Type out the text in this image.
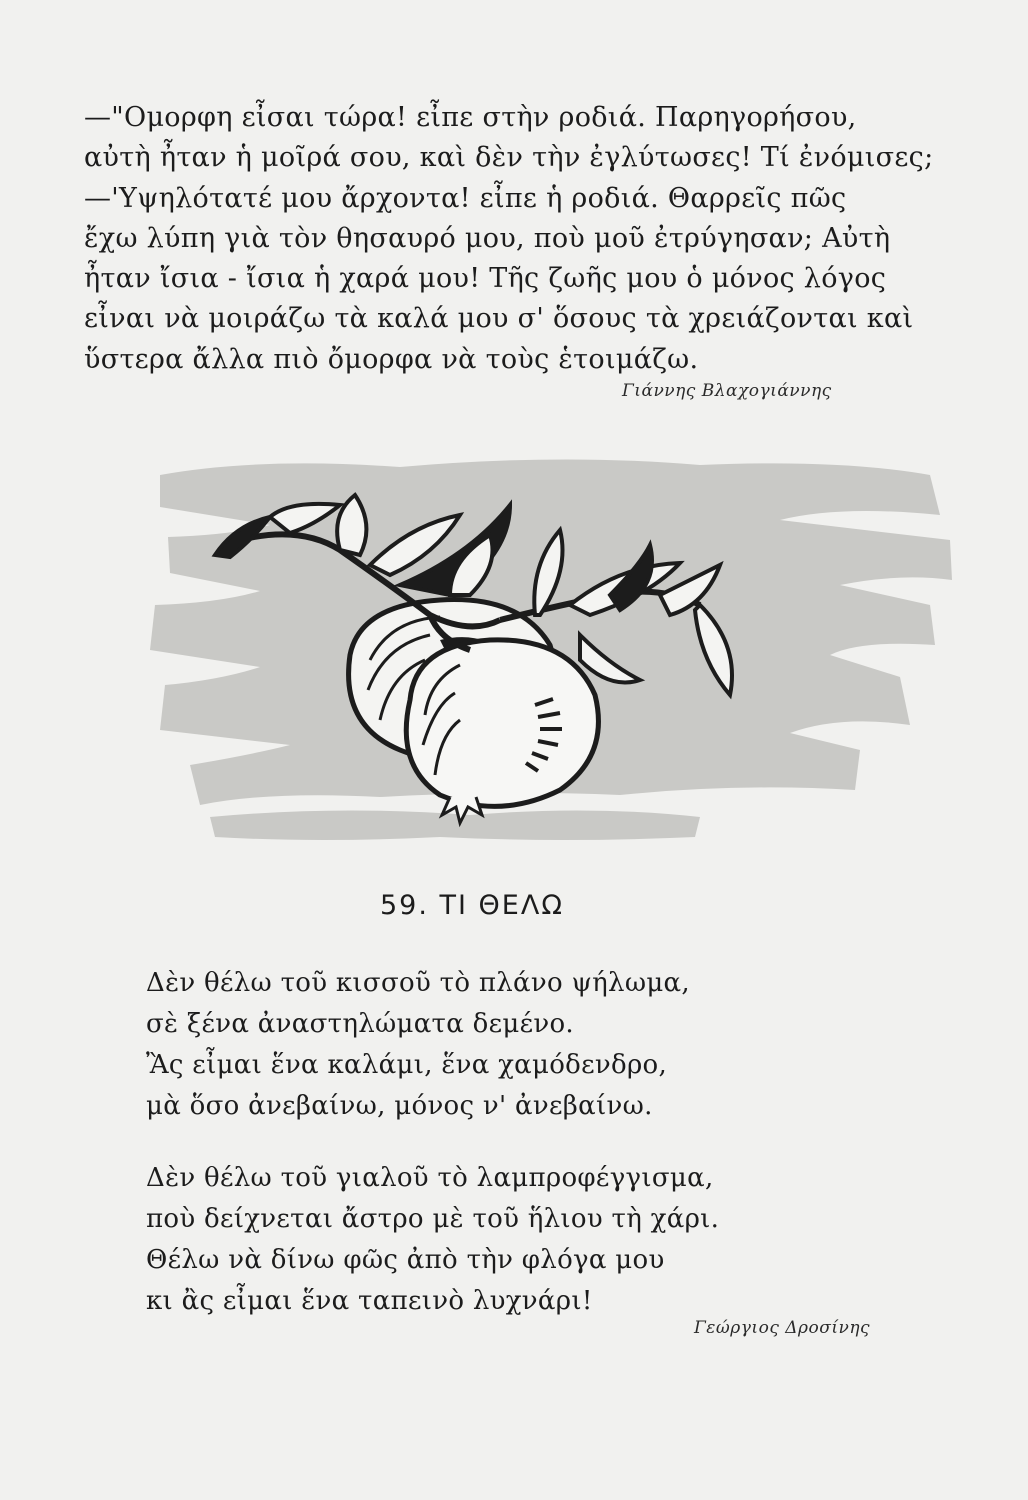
—"Ομορφη εἶσαι τώρα! εἶπε στὴν ροδιά. Παρηγορήσου,
αὐτὴ ἦταν ἡ μοῖρά σου, καὶ δὲν τὴν ἐγλύτωσες! Τί ἐνόμισες;
—'Υψηλότατέ μου ἄρχοντα! εἶπε ἡ ροδιά. Θαρρεῖς πῶς
ἔχω λύπη γιὰ τὸν θησαυρό μου, ποὺ μοῦ ἐτρύγησαν; Αὐτὴ
ἦταν ἴσια - ἴσια ἡ χαρά μου! Τῆς ζωῆς μου ὁ μόνος λόγος
εἶναι νὰ μοιράζω τὰ καλά μου σ' ὅσους τὰ χρειάζονται καὶ
ὕστερα ἄλλα πιὸ ὄμορφα νὰ τοὺς ἑτοιμάζω.
Γιάννης Βλαχογιάννης
59. ΤΙ ΘΕΛΩ
Δὲν θέλω τοῦ κισσοῦ τὸ πλάνο ψήλωμα,
σὲ ξένα ἀναστηλώματα δεμένο.
Ἂς εἶμαι ἕνα καλάμι, ἕνα χαμόδενδρο,
μὰ ὅσο ἀνεβαίνω, μόνος ν' ἀνεβαίνω.
Δὲν θέλω τοῦ γιαλοῦ τὸ λαμπροφέγγισμα,
ποὺ δείχνεται ἄστρο μὲ τοῦ ἥλιου τὴ χάρι.
Θέλω νὰ δίνω φῶς ἀπὸ τὴν φλόγα μου
κι ἂς εἶμαι ἕνα ταπεινὸ λυχνάρι!
Γεώργιος Δροσίνης
